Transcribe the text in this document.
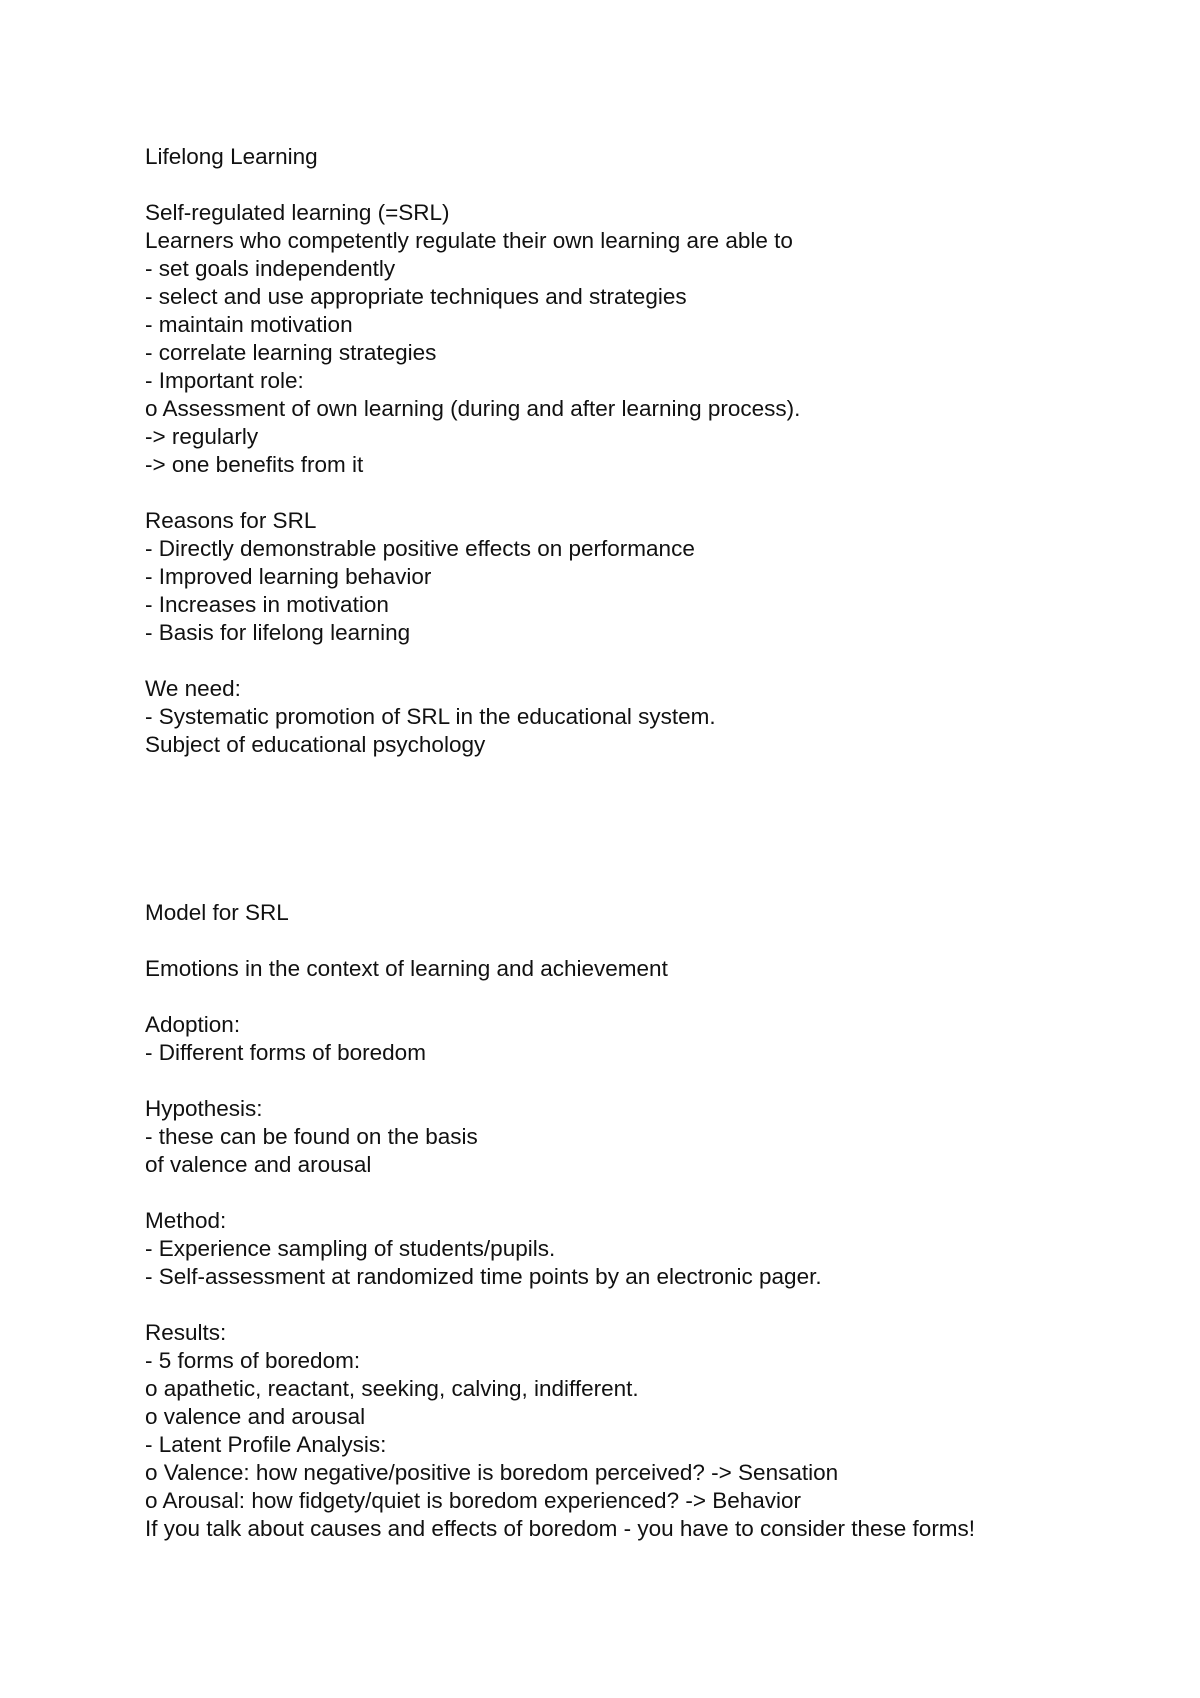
Lifelong Learning
Self-regulated learning (=SRL)
Learners who competently regulate their own learning are able to
- set goals independently
- select and use appropriate techniques and strategies
- maintain motivation
- correlate learning strategies
- Important role:
o Assessment of own learning (during and after learning process).
-> regularly
-> one benefits from it
Reasons for SRL
- Directly demonstrable positive effects on performance
- Improved learning behavior
- Increases in motivation
- Basis for lifelong learning
We need:
- Systematic promotion of SRL in the educational system.
Subject of educational psychology
Model for SRL
Emotions in the context of learning and achievement
Adoption:
- Different forms of boredom
Hypothesis:
- these can be found on the basis
of valence and arousal
Method:
- Experience sampling of students/pupils.
- Self-assessment at randomized time points by an electronic pager.
Results:
- 5 forms of boredom:
o apathetic, reactant, seeking, calving, indifferent.
o valence and arousal
- Latent Profile Analysis:
o Valence: how negative/positive is boredom perceived? -> Sensation
o Arousal: how fidgety/quiet is boredom experienced? -> Behavior
If you talk about causes and effects of boredom - you have to consider these forms!
